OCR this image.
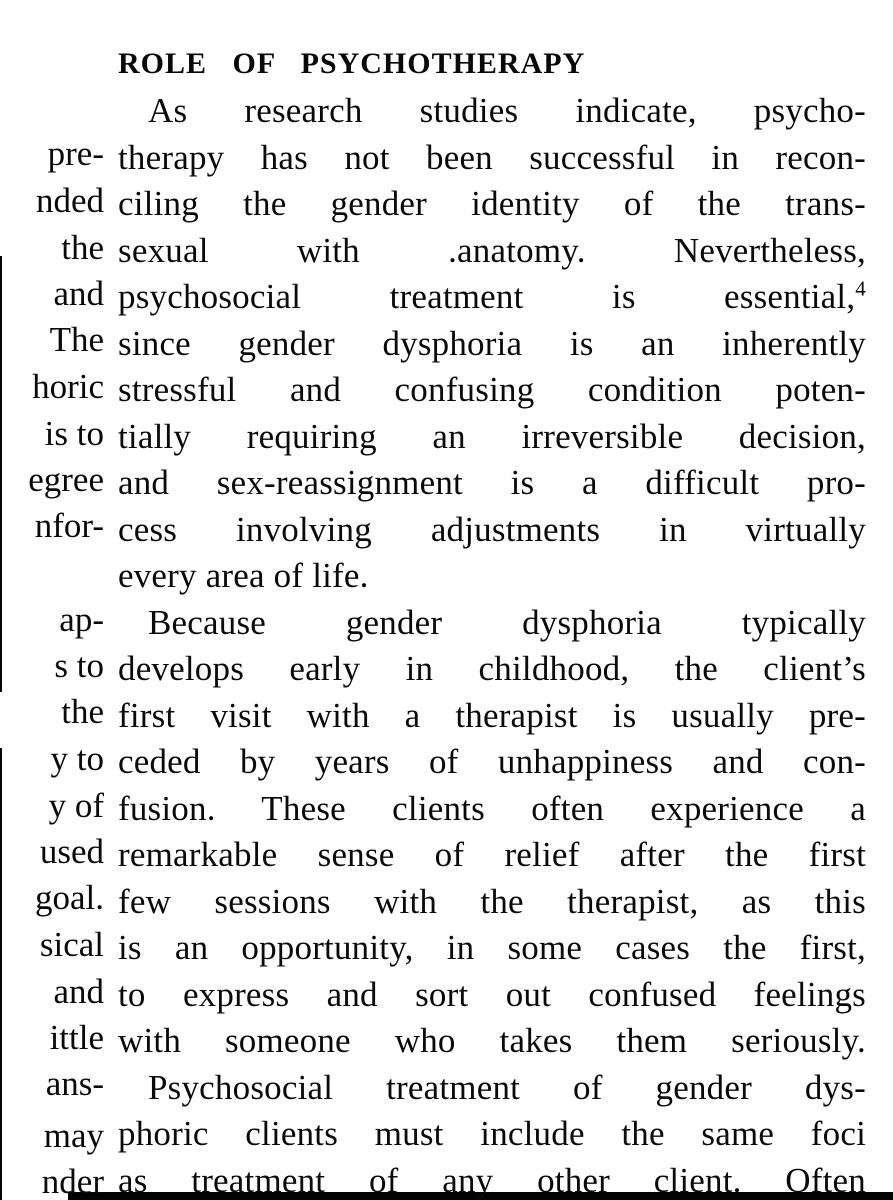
pre-
nded
the
and
The
horic
is to
egree
nfor-
ap-
s to
the
y to
y of
used
goal.
sical
and
ittle
ans-
may
nder
ROLE OF PSYCHOTHERAPY
As research studies indicate, psycho-
therapy has not been successful in recon-
ciling the gender identity of the trans-
sexual with .anatomy. Nevertheless,
psychosocial treatment is essential,$^4$
since gender dysphoria is an inherently
stressful and confusing condition poten-
tially requiring an irreversible decision,
and sex-reassignment is a difficult pro-
cess involving adjustments in virtually
every area of life.
Because gender dysphoria typically
develops early in childhood, the client’s
first visit with a therapist is usually pre-
ceded by years of unhappiness and con-
fusion. These clients often experience a
remarkable sense of relief after the first
few sessions with the therapist, as this
is an opportunity, in some cases the first,
to express and sort out confused feelings
with someone who takes them seriously.
Psychosocial treatment of gender dys-
phoric clients must include the same foci
as treatment of any other client. Often
